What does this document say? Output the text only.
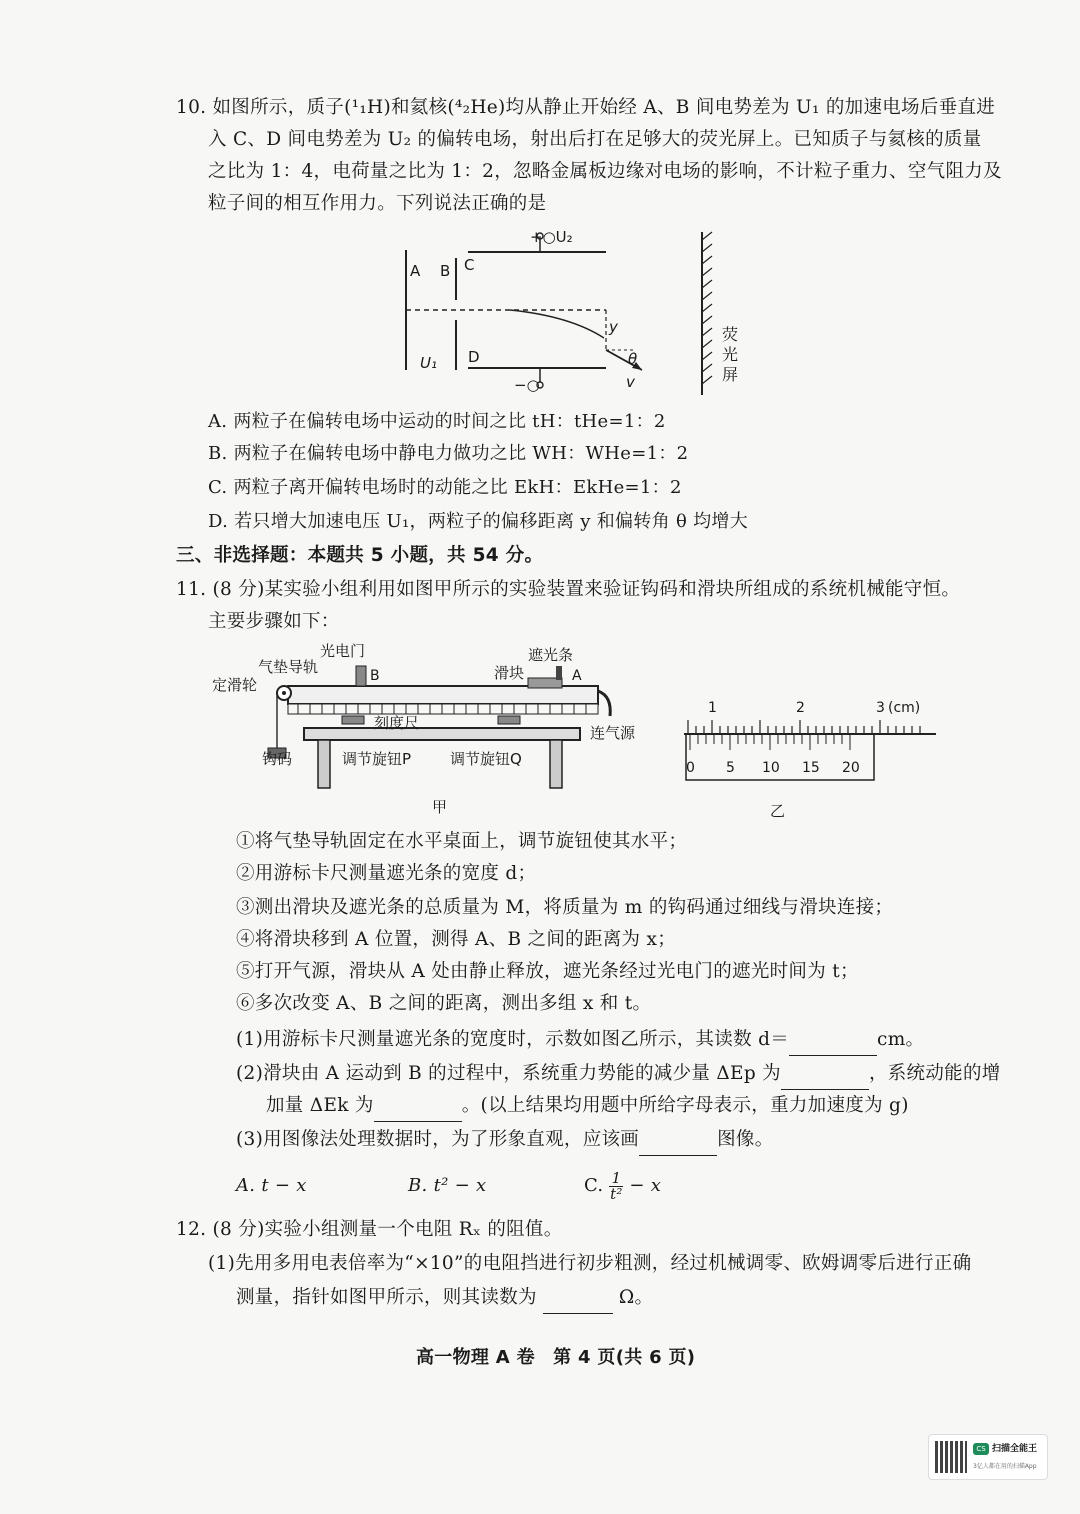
10. 如图所示，质子(¹₁H)和氦核(⁴₂He)均从静止开始经 A、B 间电势差为 U₁ 的加速电场后垂直进
入 C、D 间电势差为 U₂ 的偏转电场，射出后打在足够大的荧光屏上。已知质子与氦核的质量
之比为 1：4，电荷量之比为 1：2，忽略金属板边缘对电场的影响，不计粒子重力、空气阻力及
粒子间的相互作用力。下列说法正确的是
+○U₂
A B C
D
U₁
y
θ
v
−○
荧
光
屏
A. 两粒子在偏转电场中运动的时间之比 tH：tHe=1：2
B. 两粒子在偏转电场中静电力做功之比 WH：WHe=1：2
C. 两粒子离开偏转电场时的动能之比 EkH：EkHe=1：2
D. 若只增大加速电压 U₁，两粒子的偏移距离 y 和偏转角 θ 均增大
三、非选择题：本题共 5 小题，共 54 分。
11. (8 分)某实验小组利用如图甲所示的实验装置来验证钩码和滑块所组成的系统机械能守恒。
主要步骤如下：
光电门
B
气垫导轨
定滑轮
遮光条
滑块	A
刻度尺
连气源
钩码	调节旋钮P	调节旋钮Q
甲
1	2	3 (cm)
0 5 10 15 20
乙
①将气垫导轨固定在水平桌面上，调节旋钮使其水平；
②用游标卡尺测量遮光条的宽度 d；
③测出滑块及遮光条的总质量为 M，将质量为 m 的钩码通过细线与滑块连接；
④将滑块移到 A 位置，测得 A、B 之间的距离为 x；
⑤打开气源，滑块从 A 处由静止释放，遮光条经过光电门的遮光时间为 t；
⑥多次改变 A、B 之间的距离，测出多组 x 和 t。
(1)用游标卡尺测量遮光条的宽度时，示数如图乙所示，其读数 d＝	cm。
(2)滑块由 A 运动到 B 的过程中，系统重力势能的减少量 ΔEp 为	，系统动能的增
加量 ΔEk 为	。(以上结果均用题中所给字母表示，重力加速度为 g)
(3)用图像法处理数据时，为了形象直观，应该画	图像。
A. t − x	B. t² − x	C. $\frac{1}{\text{t²}} - x$
12. (8 分)实验小组测量一个电阻 Rₓ 的阻值。
(1)先用多用电表倍率为“×10”的电阻挡进行初步粗测，经过机械调零、欧姆调零后进行正确
测量，指针如图甲所示，则其读数为	Ω。
高一物理 A 卷　第 4 页(共 6 页)
CS 扫描全能王
3亿人都在用的扫描App
